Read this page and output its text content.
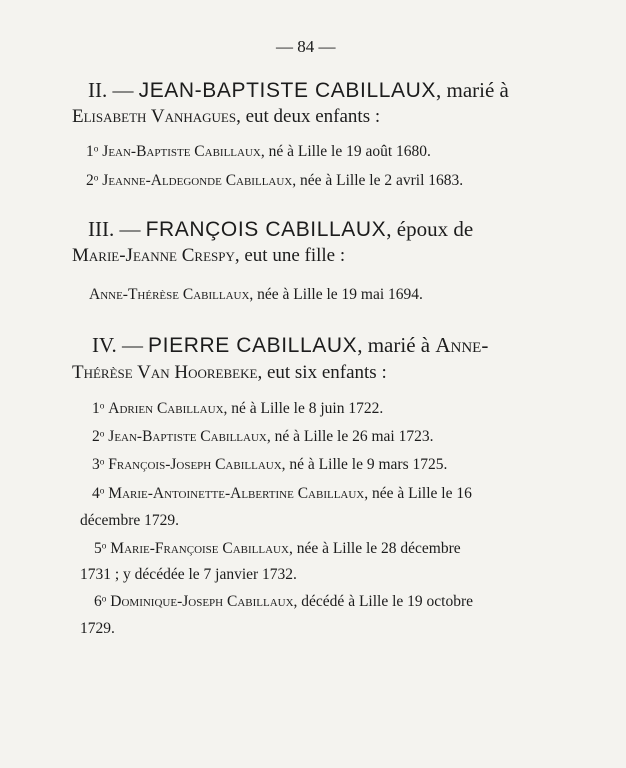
— 84 —
II. — JEAN-BAPTISTE CABILLAUX, marié à
Elisabeth Vanhagues, eut deux enfants :
1$^o$ Jean-Baptiste Cabillaux, né à Lille le 19 août 1680.
2$^o$ Jeanne-Aldegonde Cabillaux, née à Lille le 2 avril 1683.
III. — FRANÇOIS CABILLAUX, époux de
Marie-Jeanne Crespy, eut une fille :
Anne-Thérèse Cabillaux, née à Lille le 19 mai 1694.
IV. — PIERRE CABILLAUX, marié à Anne-
Thérèse Van Hoorebeke, eut six enfants :
1$^o$ Adrien Cabillaux, né à Lille le 8 juin 1722.
2$^o$ Jean-Baptiste Cabillaux, né à Lille le 26 mai 1723.
3$^o$ François-Joseph Cabillaux, né à Lille le 9 mars 1725.
4$^o$ Marie-Antoinette-Albertine Cabillaux, née à Lille le 16
décembre 1729.
5$^o$ Marie-Françoise Cabillaux, née à Lille le 28 décembre
1731 ; y décédée le 7 janvier 1732.
6$^o$ Dominique-Joseph Cabillaux, décédé à Lille le 19 octobre
1729.
